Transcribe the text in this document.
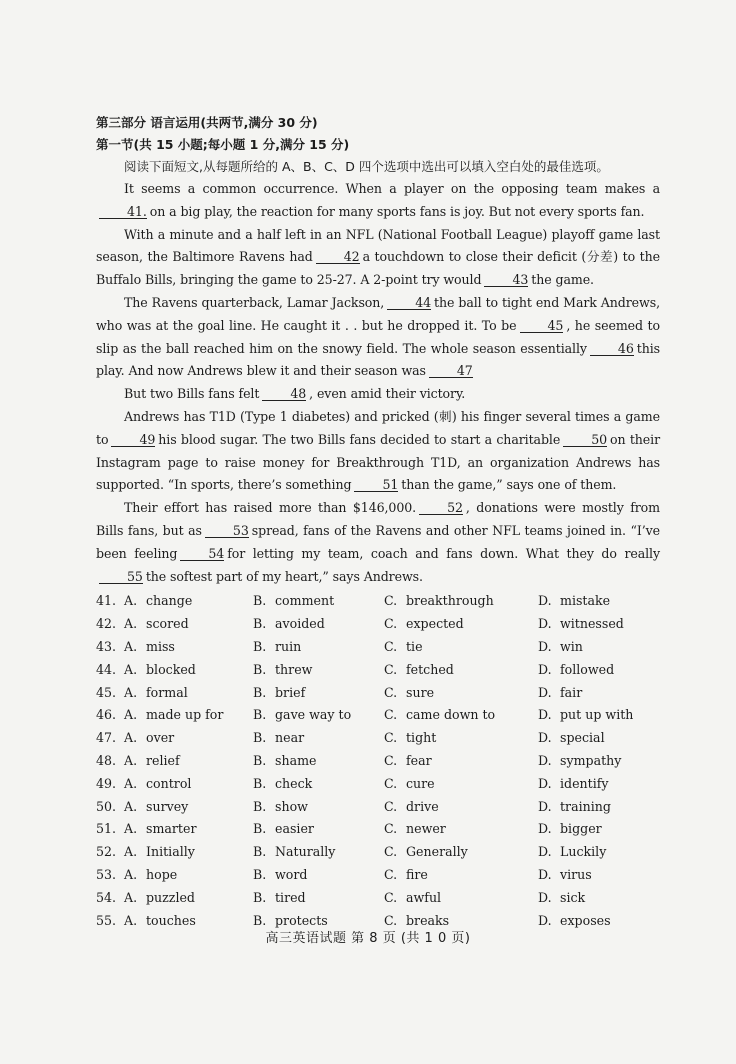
第三部分 语言运用(共两节,满分 30 分)

第一节(共 15 小题;每小题 1 分,满分 15 分)

阅读下面短文,从每题所给的 A、B、C、D 四个选项中选出可以填入空白处的最佳选项。

It seems a common occurrence. When a player on the opposing team makes a41. on a big play, the reaction for many sports fans is joy. But not every sports fan.

With a minute and a half left in an NFL (National Football League) playoff game last season, the Baltimore Ravens had 42 a touchdown to close their deficit (分差) to the Buffalo Bills, bringing the game to 25-27. A 2-point try would 43 the game.

The Ravens quarterback, Lamar Jackson, 44 the ball to tight end Mark Andrews, who was at the goal line. He caught it . . but he dropped it. To be 45 , he seemed to slip as the ball reached him on the snowy field. The whole season essentially 46 this play. And now Andrews blew it and their season was 47

But two Bills fans felt 48 , even amid their victory.

Andrews has T1D (Type 1 diabetes) and pricked (刺) his finger several times a game to 49 his blood sugar. The two Bills fans decided to start a charitable 50 on their Instagram page to raise money for Breakthrough T1D, an organization Andrews has supported. “In sports, there’s something 51 than the game,” says one of them.

Their effort has raised more than $146,000. 52 , donations were mostly from Bills fans, but as 53 spread, fans of the Ravens and other NFL teams joined in. “I’ve been feeling 54 for letting my team, coach and fans down. What they do really55 the softest part of my heart,” says Andrews.

41. A. change	B. comment	C. breakthrough	D. mistake
42. A. scored	B. avoided	C. expected	D. witnessed
43. A. miss	B. ruin	C. tie	D. win
44. A. blocked	B. threw	C. fetched	D. followed
45. A. formal	B. brief	C. sure	D. fair
46. A. made up for B. gave way to	C. came down to	D. put up with
47. A. over	B. near	C. tight	D. special
48. A. relief	B. shame	C. fear	D. sympathy
49. A. control	B. check	C. cure	D. identify
50. A. survey	B. show	C. drive	D. training
51. A. smarter	B. easier	C. newer	D. bigger
52. A. Initially	B. Naturally	C. Generally	D. Luckily
53. A. hope	B. word	C. fire	D. virus
54. A. puzzled	B. tired	C. awful	D. sick
55. A. touches	B. protects	C. breaks	D. exposes
高三英语试题 第 8 页 (共 1 0 页)
